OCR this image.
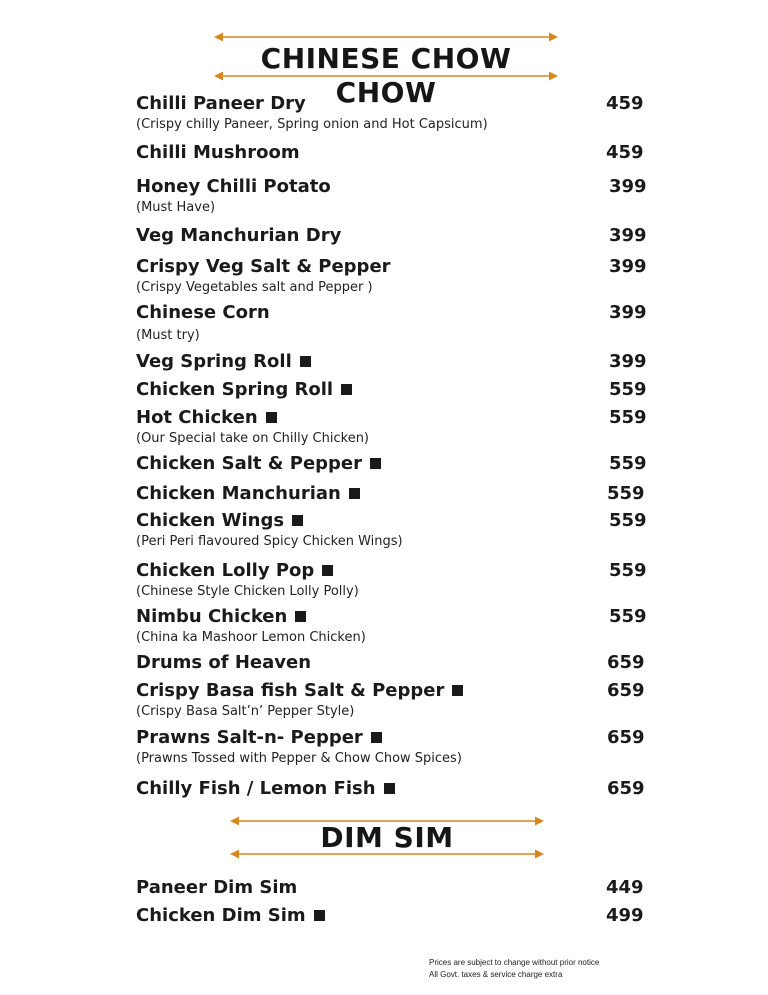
CHINESE CHOW CHOW
Chilli Paneer Dry	459
(Crispy chilly Paneer, Spring onion and Hot Capsicum)
Chilli Mushroom	459
Honey Chilli Potato	399
(Must Have)
Veg Manchurian Dry	399
Crispy Veg Salt & Pepper	399
(Crispy Vegetables salt and Pepper )
Chinese Corn	399
(Must try)
Veg Spring Roll	399
Chicken Spring Roll	559
Hot Chicken	559
(Our Special take on Chilly Chicken)
Chicken Salt & Pepper	559
Chicken Manchurian	559
Chicken Wings	559
(Peri Peri flavoured Spicy Chicken Wings)
Chicken Lolly Pop	559
(Chinese Style Chicken Lolly Polly)
Nimbu Chicken	559
(China ka Mashoor Lemon Chicken)
Drums of Heaven	659
Crispy Basa fish Salt & Pepper	659
(Crispy Basa Salt’n’ Pepper Style)
Prawns Salt-n- Pepper	659
(Prawns Tossed with Pepper & Chow Chow Spices)
Chilly Fish / Lemon Fish	659
DIM SIM
Paneer Dim Sim	449
Chicken Dim Sim	499
Prices are subject to change without prior notice
All Govt. taxes & service charge extra
